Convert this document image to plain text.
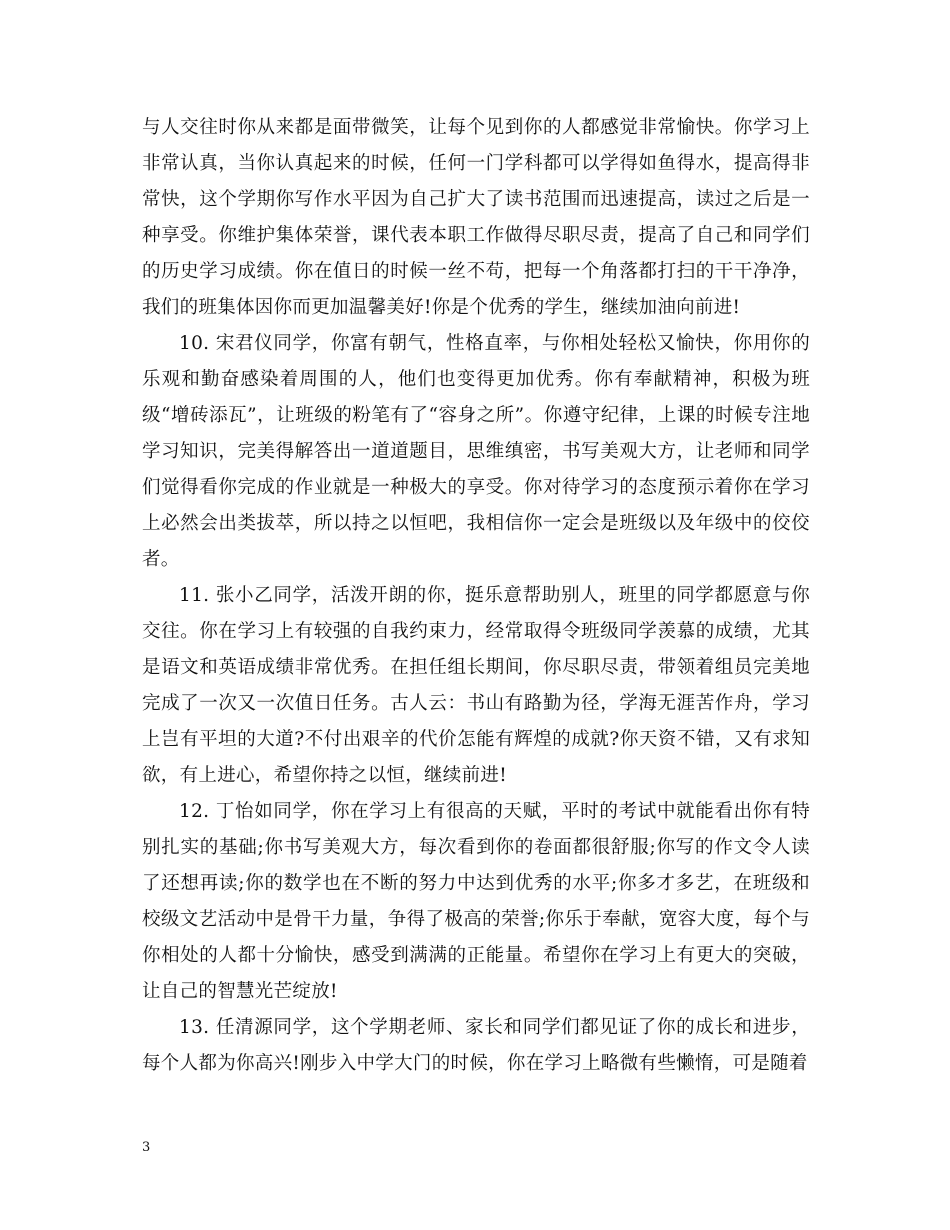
与人交往时你从来都是面带微笑，让每个见到你的人都感觉非常愉快。你学习上非常认真，当你认真起来的时候，任何一门学科都可以学得如鱼得水，提高得非常快，这个学期你写作水平因为自己扩大了读书范围而迅速提高，读过之后是一种享受。你维护集体荣誉，课代表本职工作做得尽职尽责，提高了自己和同学们的历史学习成绩。你在值日的时候一丝不苟，把每一个角落都打扫的干干净净，我们的班集体因你而更加温馨美好!你是个优秀的学生，继续加油向前进!

10. 宋君仪同学，你富有朝气，性格直率，与你相处轻松又愉快，你用你的乐观和勤奋感染着周围的人，他们也变得更加优秀。你有奉献精神，积极为班级“增砖添瓦”，让班级的粉笔有了“容身之所”。你遵守纪律，上课的时候专注地学习知识，完美得解答出一道道题目，思维缜密，书写美观大方，让老师和同学们觉得看你完成的作业就是一种极大的享受。你对待学习的态度预示着你在学习上必然会出类拔萃，所以持之以恒吧，我相信你一定会是班级以及年级中的佼佼者。

11. 张小乙同学，活泼开朗的你，挺乐意帮助别人，班里的同学都愿意与你交往。你在学习上有较强的自我约束力，经常取得令班级同学羡慕的成绩，尤其是语文和英语成绩非常优秀。在担任组长期间，你尽职尽责，带领着组员完美地完成了一次又一次值日任务。古人云：书山有路勤为径，学海无涯苦作舟，学习上岂有平坦的大道?不付出艰辛的代价怎能有辉煌的成就?你天资不错，又有求知欲，有上进心，希望你持之以恒，继续前进!

12. 丁怡如同学，你在学习上有很高的天赋，平时的考试中就能看出你有特别扎实的基础;你书写美观大方，每次看到你的卷面都很舒服;你写的作文令人读了还想再读;你的数学也在不断的努力中达到优秀的水平;你多才多艺，在班级和校级文艺活动中是骨干力量，争得了极高的荣誉;你乐于奉献，宽容大度，每个与你相处的人都十分愉快，感受到满满的正能量。希望你在学习上有更大的突破，让自己的智慧光芒绽放!

13. 任清源同学，这个学期老师、家长和同学们都见证了你的成长和进步，每个人都为你高兴!刚步入中学大门的时候，你在学习上略微有些懒惰，可是随着

3
